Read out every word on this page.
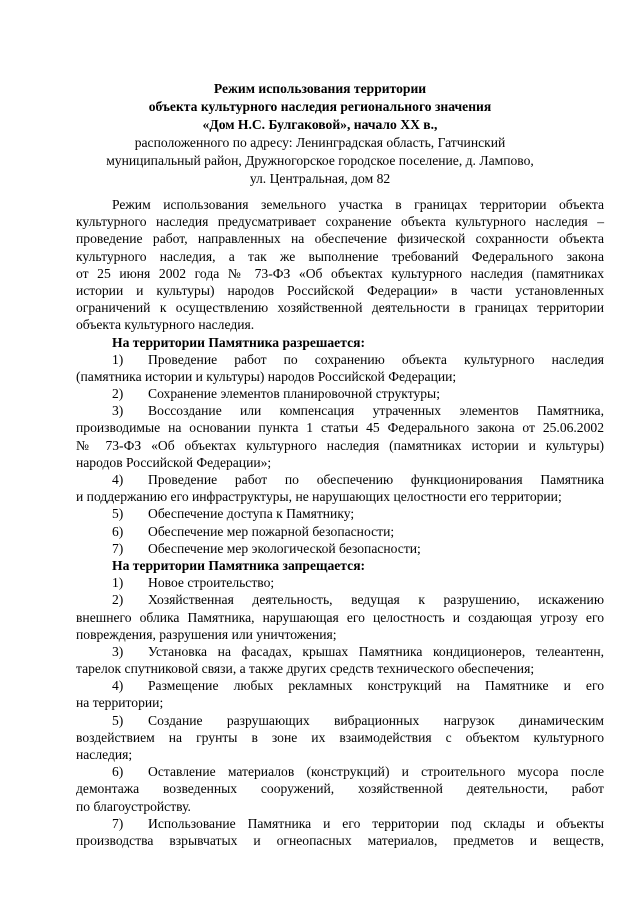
Режим использования территории
объекта культурного наследия регионального значения
«Дом Н.С. Булгаковой», начало XX в.,
расположенного по адресу: Ленинградская область, Гатчинский
муниципальный район, Дружногорское городское поселение, д. Лампово,
ул. Центральная, дом 82
Режим использования земельного участка в границах территории объекта
культурного наследия предусматривает сохранение объекта культурного наследия –
проведение работ, направленных на обеспечение физической сохранности объекта
культурного наследия, а так же выполнение требований Федерального закона
от 25 июня 2002 года № 73-ФЗ «Об объектах культурного наследия (памятниках
истории и культуры) народов Российской Федерации» в части установленных
ограничений к осуществлению хозяйственной деятельности в границах территории
объекта культурного наследия.
На территории Памятника разрешается:
1)	Проведение работ по сохранению объекта культурного наследия
(памятника истории и культуры) народов Российской Федерации;
2) Сохранение элементов планировочной структуры;
3)	Воссоздание или компенсация утраченных элементов Памятника,
производимые на основании пункта 1 статьи 45 Федерального закона от 25.06.2002
№ 73-ФЗ «Об объектах культурного наследия (памятниках истории и культуры)
народов Российской Федерации»;
4)	Проведение работ по обеспечению функционирования Памятника
и поддержанию его инфраструктуры, не нарушающих целостности его территории;
5) Обеспечение доступа к Памятнику;
6) Обеспечение мер пожарной безопасности;
7) Обеспечение мер экологической безопасности;
На территории Памятника запрещается:
1) Новое строительство;
2)	Хозяйственная деятельность, ведущая к разрушению, искажению
внешнего облика Памятника, нарушающая его целостность и создающая угрозу его
повреждения, разрушения или уничтожения;
3)	Установка на фасадах, крышах Памятника кондиционеров, телеантенн,
тарелок спутниковой связи, а также других средств технического обеспечения;
4)	Размещение любых рекламных конструкций на Памятнике и его
на территории;
5)	Создание разрушающих вибрационных нагрузок динамическим
воздействием на грунты в зоне их взаимодействия с объектом культурного
наследия;
6)	Оставление материалов (конструкций) и строительного мусора после
демонтажа возведенных сооружений, хозяйственной деятельности, работ
по благоустройству.
7)	Использование Памятника и его территории под склады и объекты
производства взрывчатых и огнеопасных материалов, предметов и веществ,
